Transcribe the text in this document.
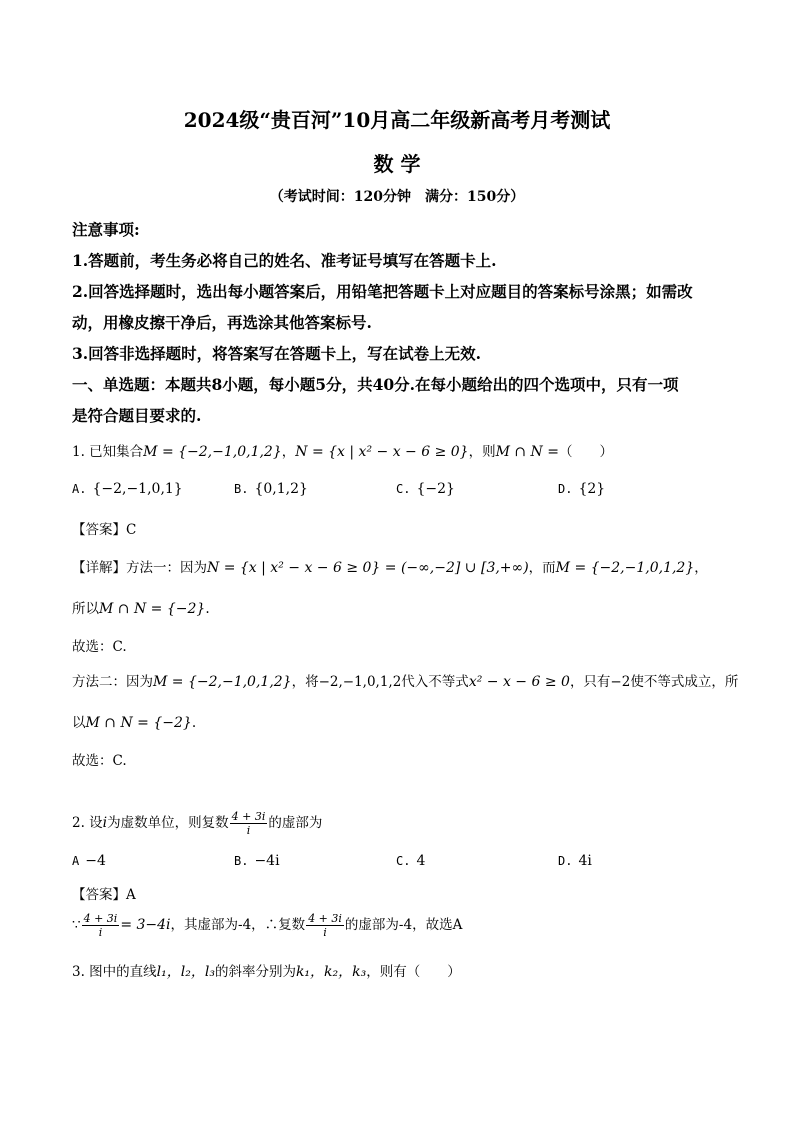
2024级“贵百河”10月高二年级新高考月考测试
数 学
（考试时间：120分钟　满分：150分）
注意事项:
1.答题前，考生务必将自己的姓名、准考证号填写在答题卡上.
2.回答选择题时，选出每小题答案后，用铅笔把答题卡上对应题目的答案标号涂黑；如需改
动，用橡皮擦干净后，再选涂其他答案标号.
3.回答非选择题时，将答案写在答题卡上，写在试卷上无效.
一、单选题：本题共8小题，每小题5分，共40分.在每小题给出的四个选项中，只有一项
是符合题目要求的.
1. 已知集合M = {−2,−1,0,1,2}，N = {x | x² − x − 6 ≥ 0}，则M ∩ N =（　　）
A. {−2,−1,0,1}	B. {0,1,2}	C. {−2}	D. {2}
【答案】C
【详解】方法一：因为N = {x | x² − x − 6 ≥ 0} = (−∞,−2] ∪ [3,+∞)，而M = {−2,−1,0,1,2}，
所以M ∩ N = {−2}.
故选：C.
方法二：因为M = {−2,−1,0,1,2}，将−2,−1,0,1,2代入不等式x² − x − 6 ≥ 0，只有−2使不等式成立，所
以M ∩ N = {−2}.
故选：C.
2. 设i为虚数单位，则复数 $\frac{4 + 3i}{i}$ 的虚部为
A −4	B. −4i	C. 4	D. 4i
【答案】A
∵ $\frac{4 + 3i}{i} = 3-4i$，其虚部为-4，∴复数 $\frac{4 + 3i}{i}$ 的虚部为-4，故选A
3. 图中的直线l₁，l₂，l₃的斜率分别为k₁，k₂，k₃，则有（　　）
